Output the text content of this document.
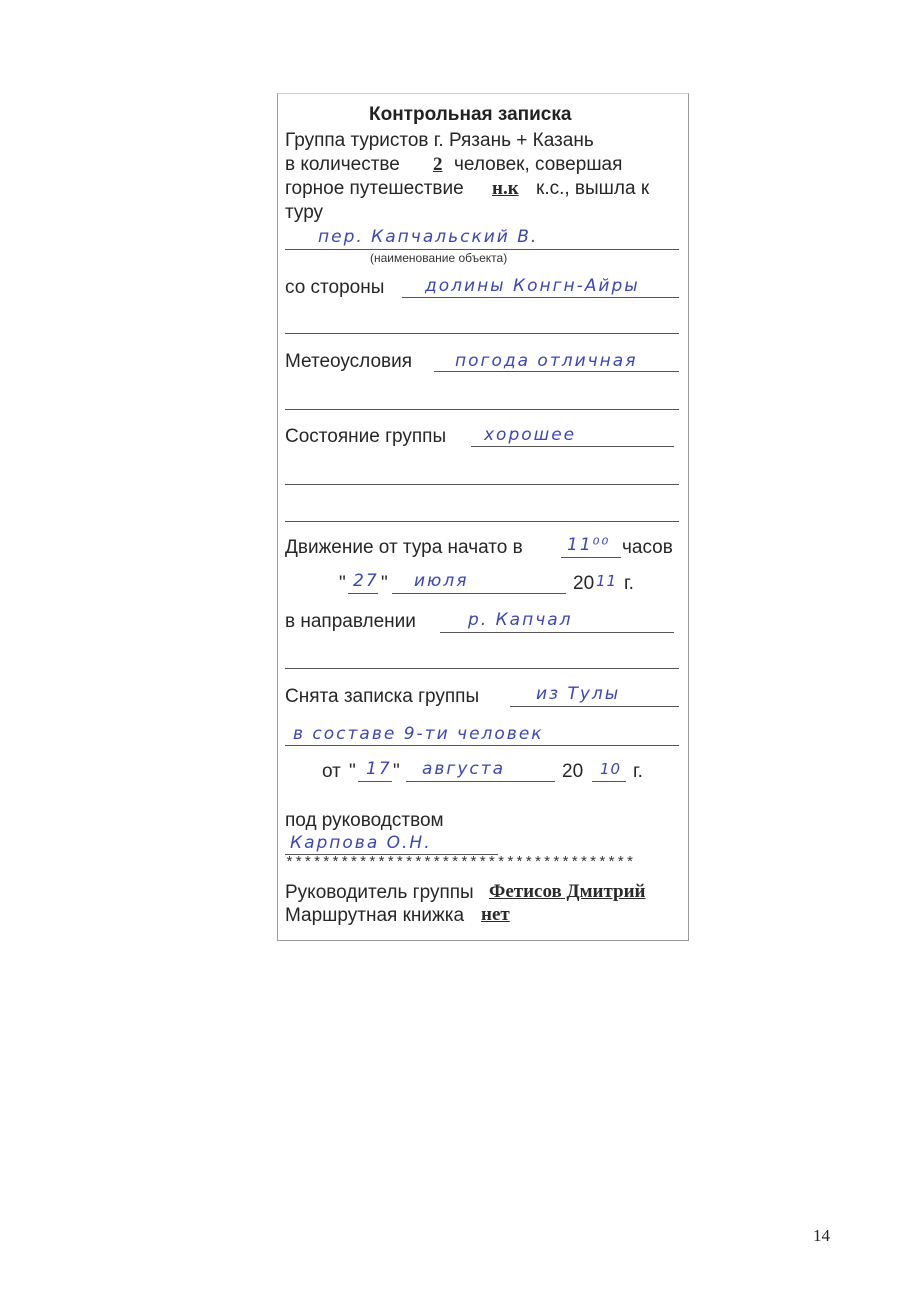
Контрольная записка
Группа туристов г. Рязань + Казань
в количестве 2 человек, совершая
горное путешествие н.к к.с., вышла к
туру
пер. Капчальский В.
(наименование объекта)
со стороны долины Конгн-Айры
Метеоусловия	погода отличная
Состояние группы хорошее
Движение от тура начато в	11⁰⁰ часов
" 27 " июля	20 11 г.
в направлении	р. Капчал
Снята записка группы	из Тулы
в составе 9-ти человек
от " 17 " августа	20 10 г.
под руководством
Карпова О.Н.
**************************************
Руководитель группы Фетисов Дмитрий
Маршрутная книжка нет
14
